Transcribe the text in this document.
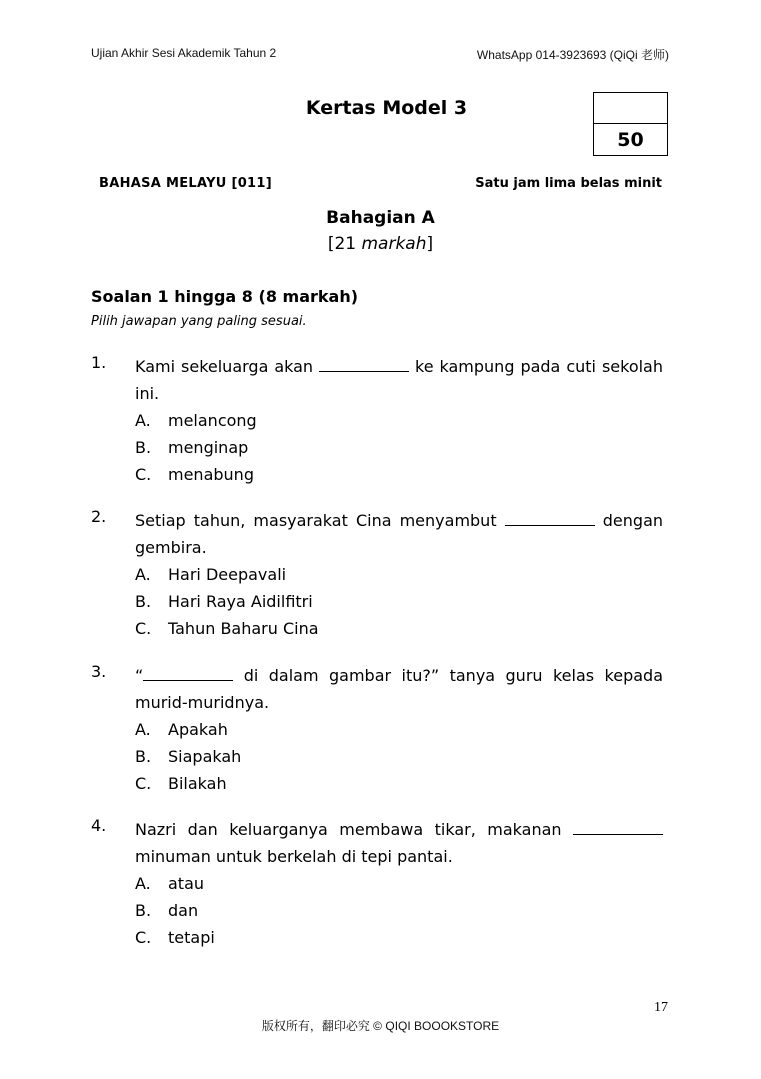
Ujian Akhir Sesi Akademik Tahun 2	WhatsApp 014-3923693 (QiQi 老师)
Kertas Model 3
50
BAHASA MELAYU [011]	Satu jam lima belas minit
Bahagian A
[21 markah]
Soalan 1 hingga 8 (8 markah)
Pilih jawapan yang paling sesuai.
1. Kami sekeluarga akan	ke kampung pada cuti sekolah ini.
A. melancong
B. menginap
C. menabung
2. Setiap tahun, masyarakat Cina menyambut	dengan gembira.
A. Hari Deepavali
B. Hari Raya Aidilfitri
C. Tahun Baharu Cina
3. “	di dalam gambar itu?” tanya guru kelas kepada murid-muridnya.
A. Apakah
B. Siapakah
C. Bilakah
4. Nazri dan keluarganya membawa tikar, makanan  minuman untuk berkelah di tepi pantai.
A. atau
B. dan
C. tetapi
17
版权所有，翻印必究 © QIQI BOOOKSTORE
